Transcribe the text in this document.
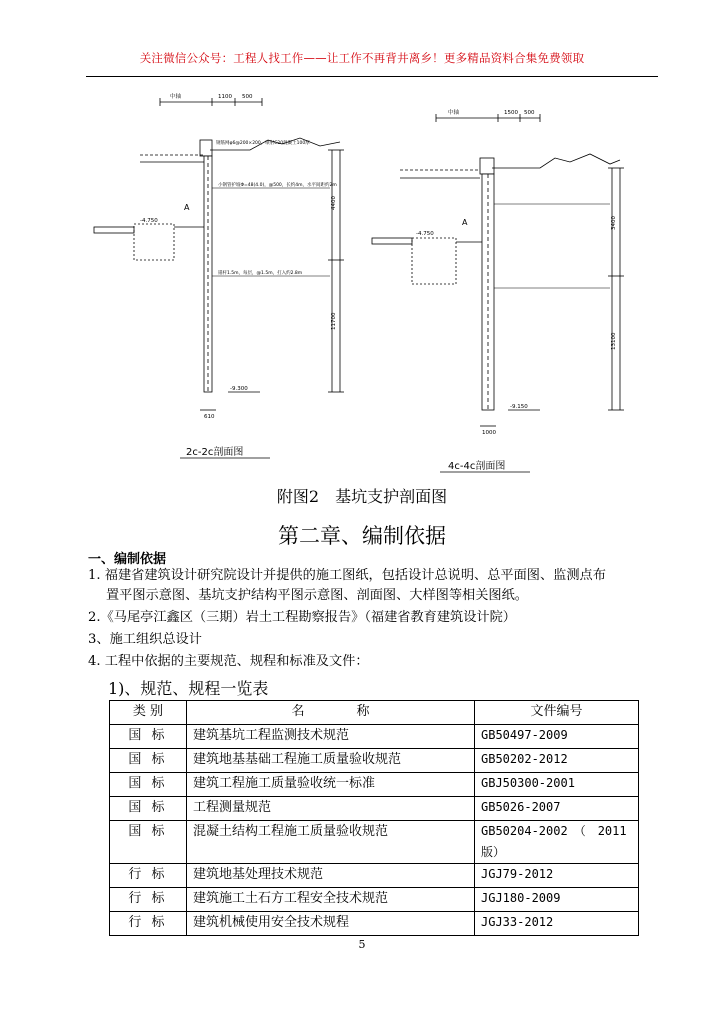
关注微信公众号：工程人找工作——让工作不再背井离乡！更多精品资料合集免费领取
中轴	1100 500
A
-4.750
-9.300
小钢管护坡Φ=48(4.0)，@500，长约4m，水平间距约2m
锚杆1.5m，每层，@1.5m，打入约2.8m
钢筋网φ6@200×200，喷射C20混凝土100厚
11700
4400
610
2c-2c剖面图
中轴	1500 500
A
-4.750
-9.150
13100
3400
1000
4c-4c剖面图
附图2　基坑支护剖面图
第二章、编制依据
一、编制依据
1. 福建省建筑设计研究院设计并提供的施工图纸，包括设计总说明、总平面图、监测点布
置平图示意图、基坑支护结构平图示意图、剖面图、大样图等相关图纸。
2.《马尾亭江鑫区（三期）岩土工程勘察报告》（福建省教育建筑设计院）
3、施工组织总设计
4. 工程中依据的主要规范、规程和标准及文件：
1)、规范、规程一览表
类 别	名　　　　称	文件编号
国 标	建筑基坑工程监测技术规范	GB50497-2009
国 标	建筑地基基础工程施工质量验收规范	GB50202-2012
国 标	建筑工程施工质量验收统一标准	GBJ50300-2001
国 标	工程测量规范	GB5026-2007
国 标	混凝土结构工程施工质量验收规范	GB50204-2002　（　2011版）
行 标	建筑地基处理技术规范	JGJ79-2012
行 标	建筑施工土石方工程安全技术规范	JGJ180-2009
行 标	建筑机械使用安全技术规程	JGJ33-2012
5
